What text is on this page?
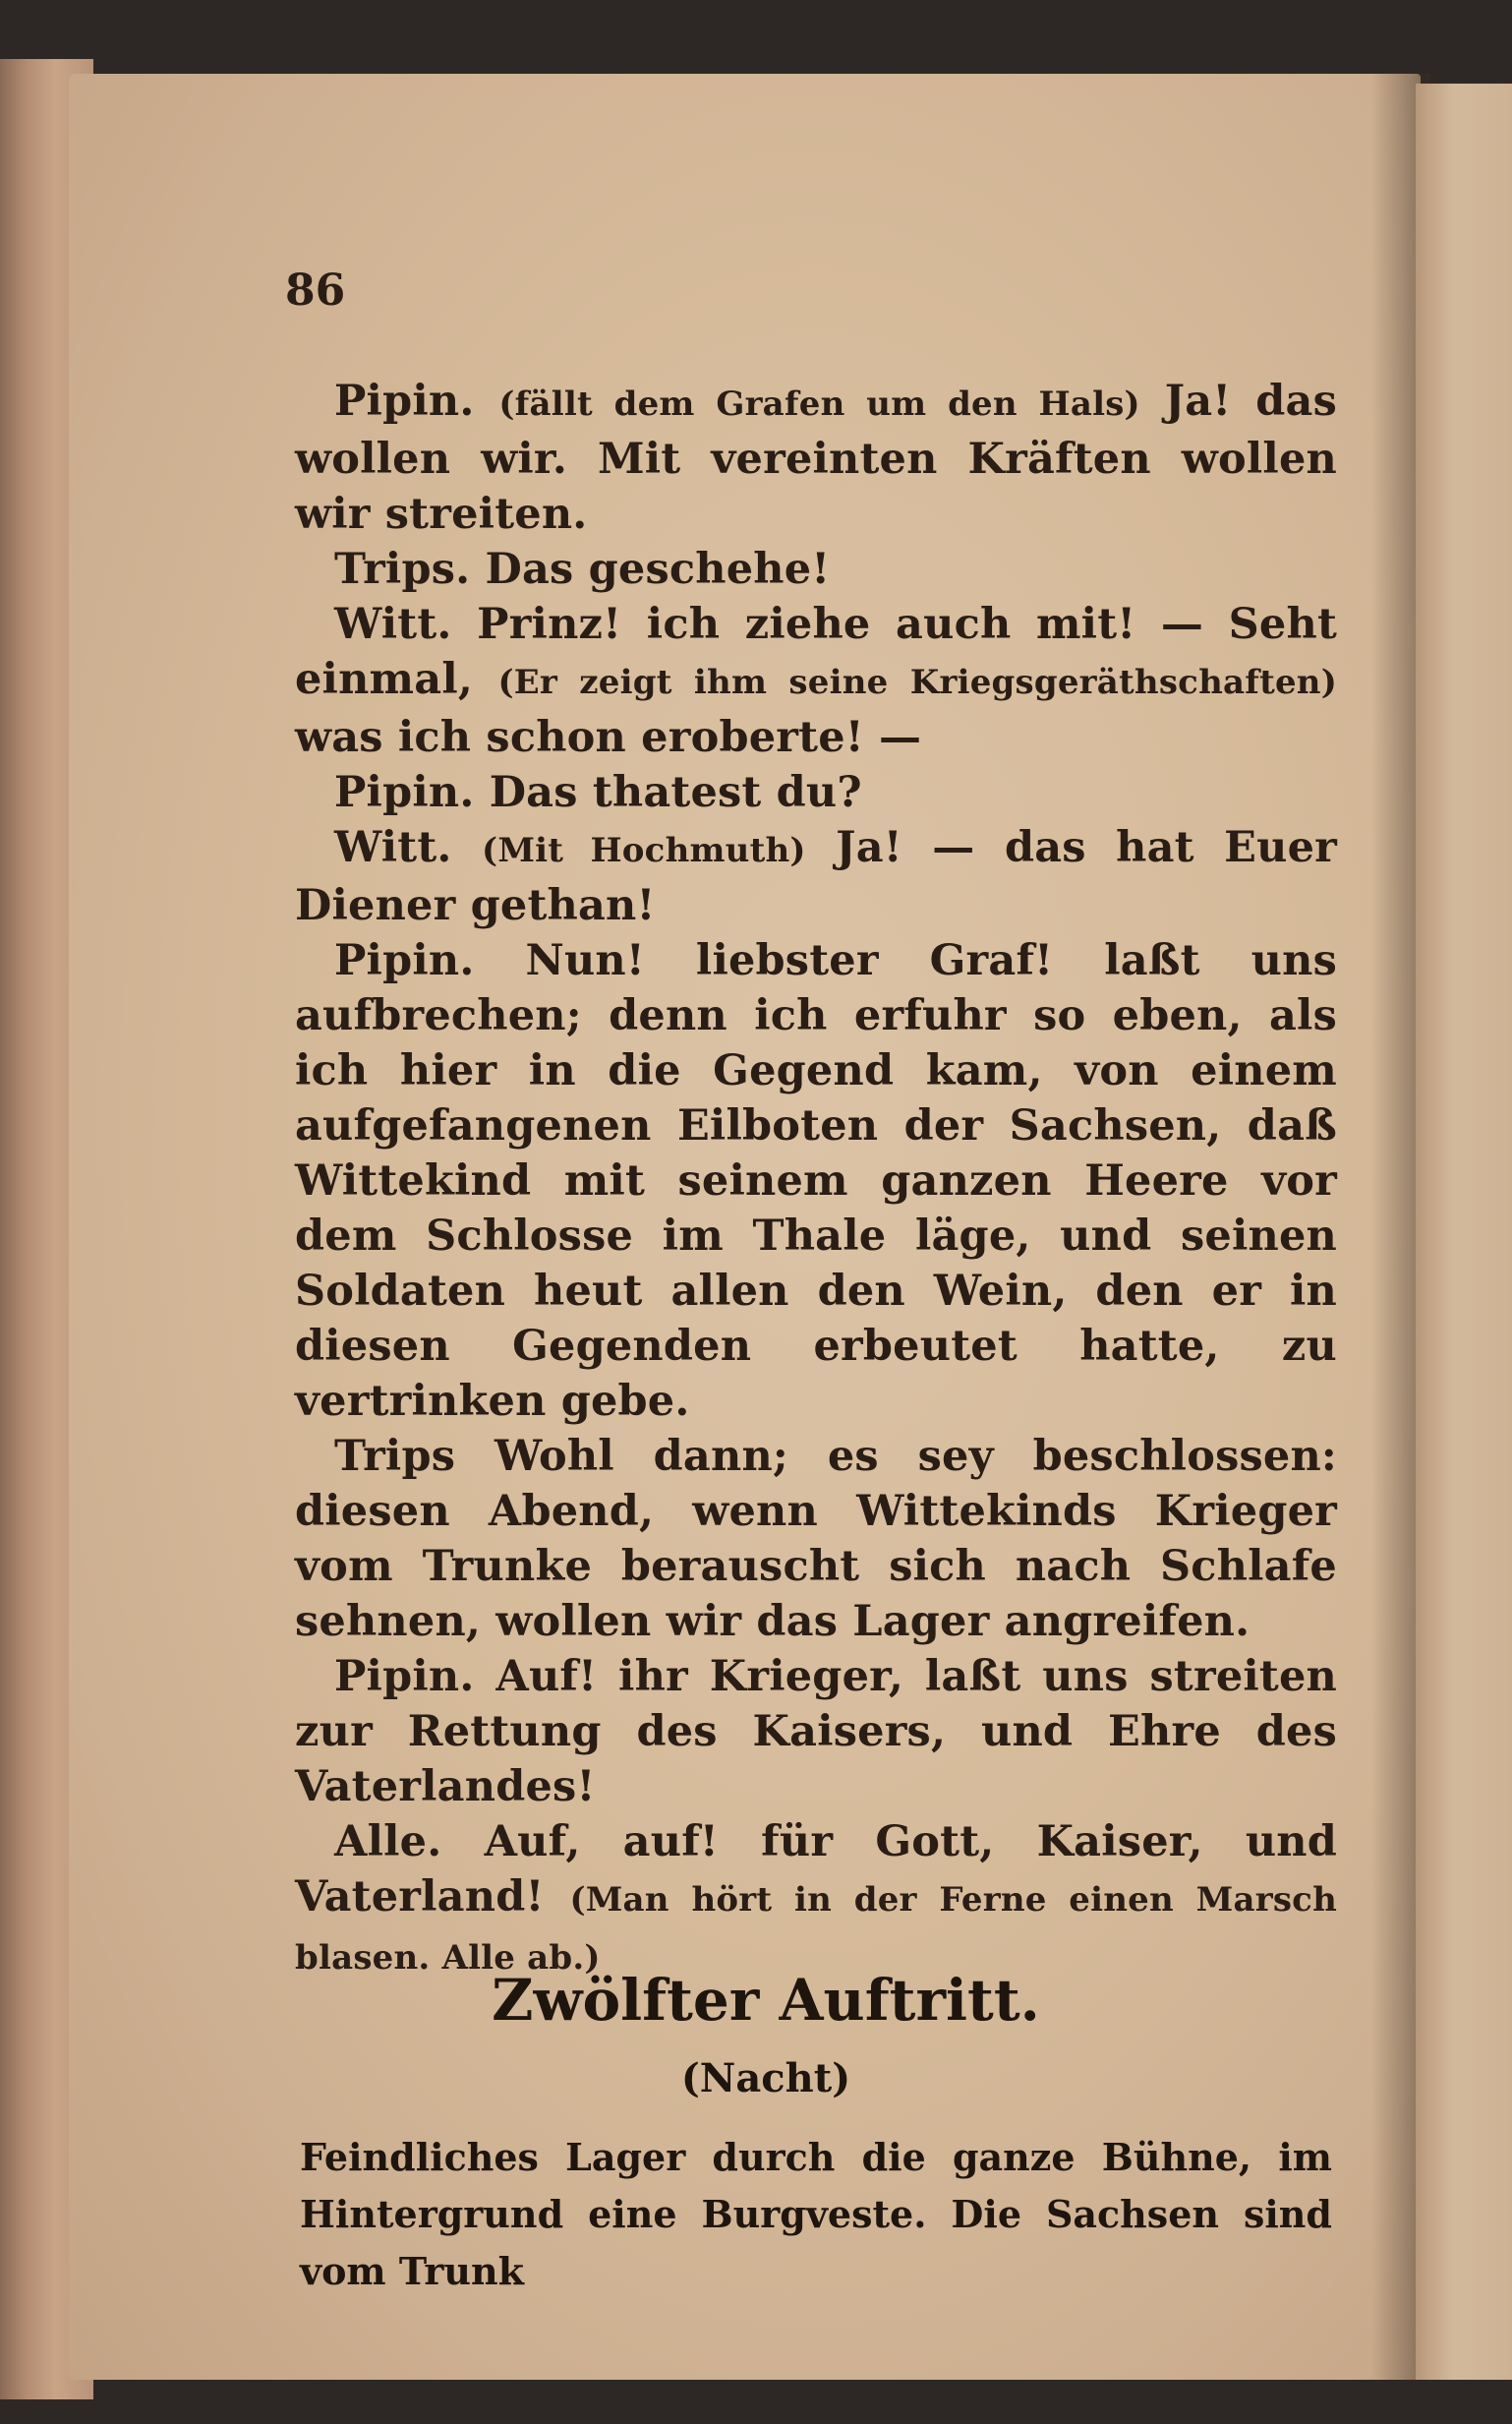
86

Pipin. (fällt dem Grafen um den Hals) Ja! das wollen wir. Mit vereinten Kräften wollen wir streiten.

Trips. Das geschehe!

Witt. Prinz! ich ziehe auch mit! — Seht einmal, (Er zeigt ihm seine Kriegsgeräthschaften) was ich schon eroberte! —

Pipin. Das thatest du?

Witt. (Mit Hochmuth) Ja! — das hat Euer Diener gethan!

Pipin. Nun! liebster Graf! laßt uns aufbrechen; denn ich erfuhr so eben, als ich hier in die Gegend kam, von einem aufgefangenen Eilboten der Sachsen, daß Wittekind mit seinem ganzen Heere vor dem Schlosse im Thale läge, und seinen Soldaten heut allen den Wein, den er in diesen Gegenden erbeutet hatte, zu vertrinken gebe.

Trips Wohl dann; es sey beschlossen: diesen Abend, wenn Wittekinds Krieger vom Trunke berauscht sich nach Schlafe sehnen, wollen wir das Lager angreifen.

Pipin. Auf! ihr Krieger, laßt uns streiten zur Rettung des Kaisers, und Ehre des Vaterlandes!

Alle. Auf, auf! für Gott, Kaiser, und Vaterland! (Man hört in der Ferne einen Marsch blasen. Alle ab.)

Zwölfter Auftritt.
(Nacht)
Feindliches Lager durch die ganze Bühne, im Hintergrund eine Burgveste. Die Sachsen sind vom Trunk
